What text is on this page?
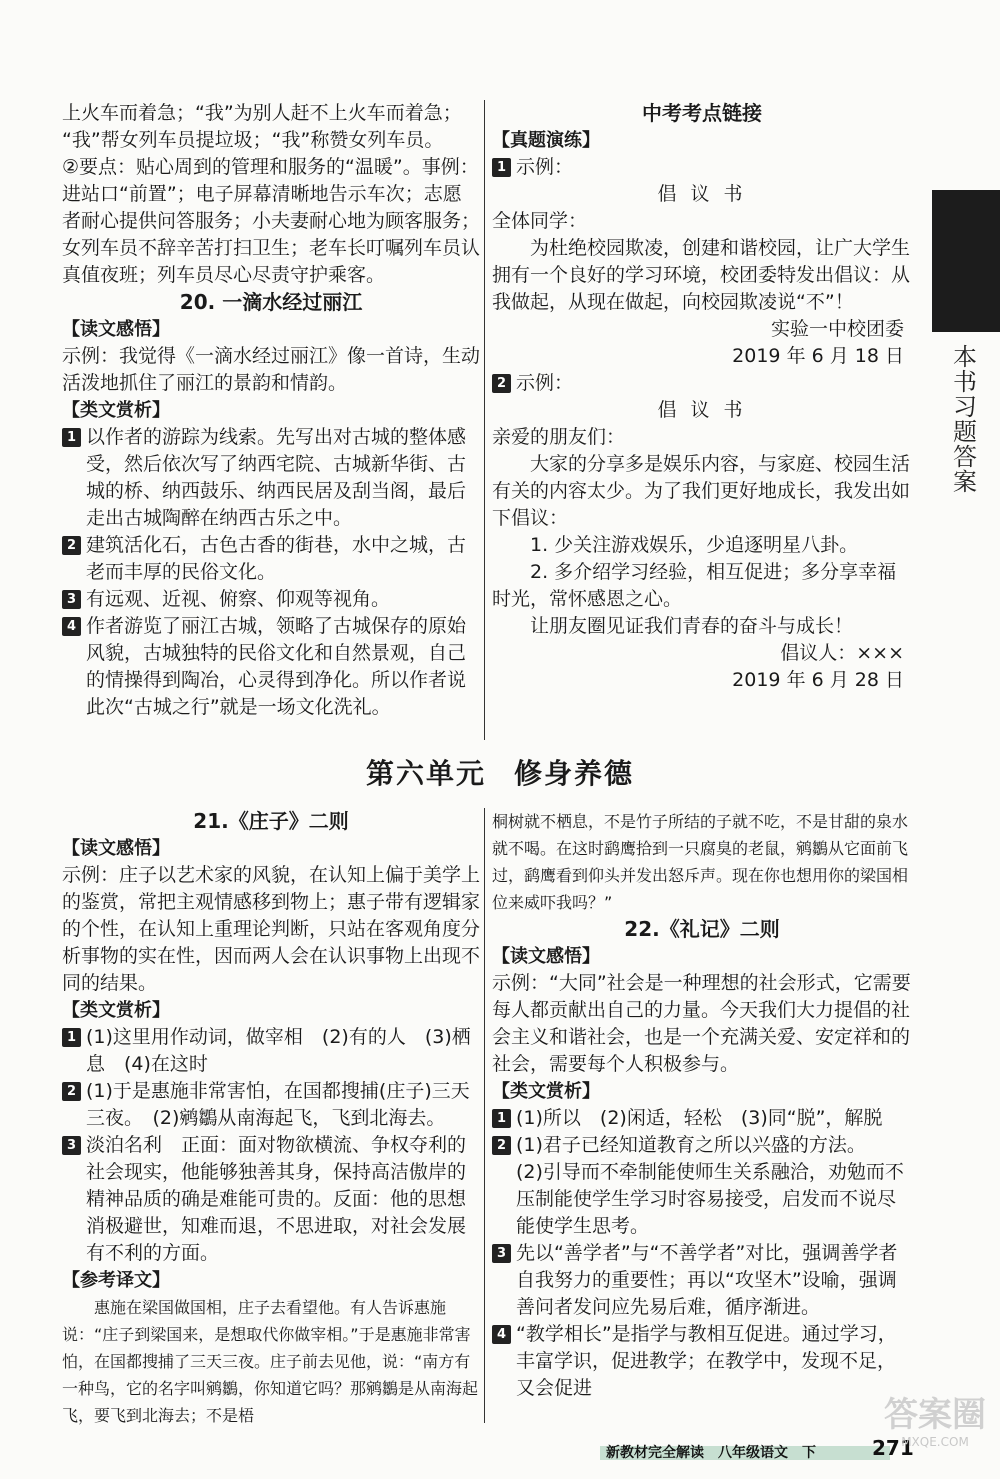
本书习题答案

上火车而着急；“我”为别人赶不上火车而着急；

“我”帮女列车员提垃圾；“我”称赞女列车员。

②要点：贴心周到的管理和服务的“温暖”。事例：进站口“前置”；电子屏幕清晰地告示车次；志愿者耐心提供问答服务；小夫妻耐心地为顾客服务；女列车员不辞辛苦打扫卫生；老车长叮嘱列车员认真值夜班；列车员尽心尽责守护乘客。

20. 一滴水经过丽江

【读文感悟】

示例：我觉得《一滴水经过丽江》像一首诗，生动活泼地抓住了丽江的景韵和情韵。

【类文赏析】

1 以作者的游踪为线索。先写出对古城的整体感受，然后依次写了纳西宅院、古城新华街、古城的桥、纳西鼓乐、纳西民居及刮当阁，最后走出古城陶醉在纳西古乐之中。

2 建筑活化石，古色古香的街巷，水中之城，古老而丰厚的民俗文化。

3 有远观、近视、俯察、仰观等视角。

4 作者游览了丽江古城，领略了古城保存的原始风貌，古城独特的民俗文化和自然景观，自己的情操得到陶冶，心灵得到净化。所以作者说此次“古城之行”就是一场文化洗礼。

中考考点链接

【真题演练】

1 示例：

倡 议 书

全体同学：

为杜绝校园欺凌，创建和谐校园，让广大学生拥有一个良好的学习环境，校团委特发出倡议：从我做起，从现在做起，向校园欺凌说“不”！

实验一中校团委

2019 年 6 月 18 日

2 示例：

倡 议 书

亲爱的朋友们：

大家的分享多是娱乐内容，与家庭、校园生活有关的内容太少。为了我们更好地成长，我发出如下倡议：

1. 少关注游戏娱乐，少追逐明星八卦。

2. 多介绍学习经验，相互促进；多分享幸福时光，常怀感恩之心。

让朋友圈见证我们青春的奋斗与成长！

倡议人：×××

2019 年 6 月 28 日

第六单元 修身养德

21.《庄子》二则

【读文感悟】

示例：庄子以艺术家的风貌，在认知上偏于美学上的鉴赏，常把主观情感移到物上；惠子带有逻辑家的个性，在认知上重理论判断，只站在客观角度分析事物的实在性，因而两人会在认识事物上出现不同的结果。

【类文赏析】

1 (1)这里用作动词，做宰相　(2)有的人　(3)栖息　(4)在这时

2 (1)于是惠施非常害怕，在国都搜捕(庄子)三天三夜。　(2)鹓鶵从南海起飞，飞到北海去。

3 淡泊名利　正面：面对物欲横流、争权夺利的社会现实，他能够独善其身，保持高洁傲岸的精神品质的确是难能可贵的。反面：他的思想消极避世，知难而退，不思进取，对社会发展有不利的方面。

【参考译文】

惠施在梁国做国相，庄子去看望他。有人告诉惠施说：“庄子到梁国来，是想取代你做宰相。”于是惠施非常害怕，在国都搜捕了三天三夜。庄子前去见他，说：“南方有一种鸟，它的名字叫鹓鶵，你知道它吗？那鹓鶵是从南海起飞，要飞到北海去；不是梧

桐树就不栖息，不是竹子所结的子就不吃，不是甘甜的泉水就不喝。在这时鹞鹰拾到一只腐臭的老鼠，鹓鶵从它面前飞过，鹞鹰看到仰头并发出怒斥声。现在你也想用你的梁国相位来威吓我吗？”

22.《礼记》二则

【读文感悟】

示例：“大同”社会是一种理想的社会形式，它需要每人都贡献出自己的力量。今天我们大力提倡的社会主义和谐社会，也是一个充满关爱、安定祥和的社会，需要每个人积极参与。

【类文赏析】

1 (1)所以　(2)闲适，轻松　(3)同“脱”，解脱

2 (1)君子已经知道教育之所以兴盛的方法。

(2)引导而不牵制能使师生关系融洽，劝勉而不压制能使学生学习时容易接受，启发而不说尽能使学生思考。

3 先以“善学者”与“不善学者”对比，强调善学者自我努力的重要性；再以“攻坚木”设喻，强调善问者发问应先易后难，循序渐进。

4 “教学相长”是指学与教相互促进。通过学习，丰富学识，促进教学；在教学中，发现不足，又会促进

新教材完全解读　八年级语文　下	271
答案圈
MXQE.COM
